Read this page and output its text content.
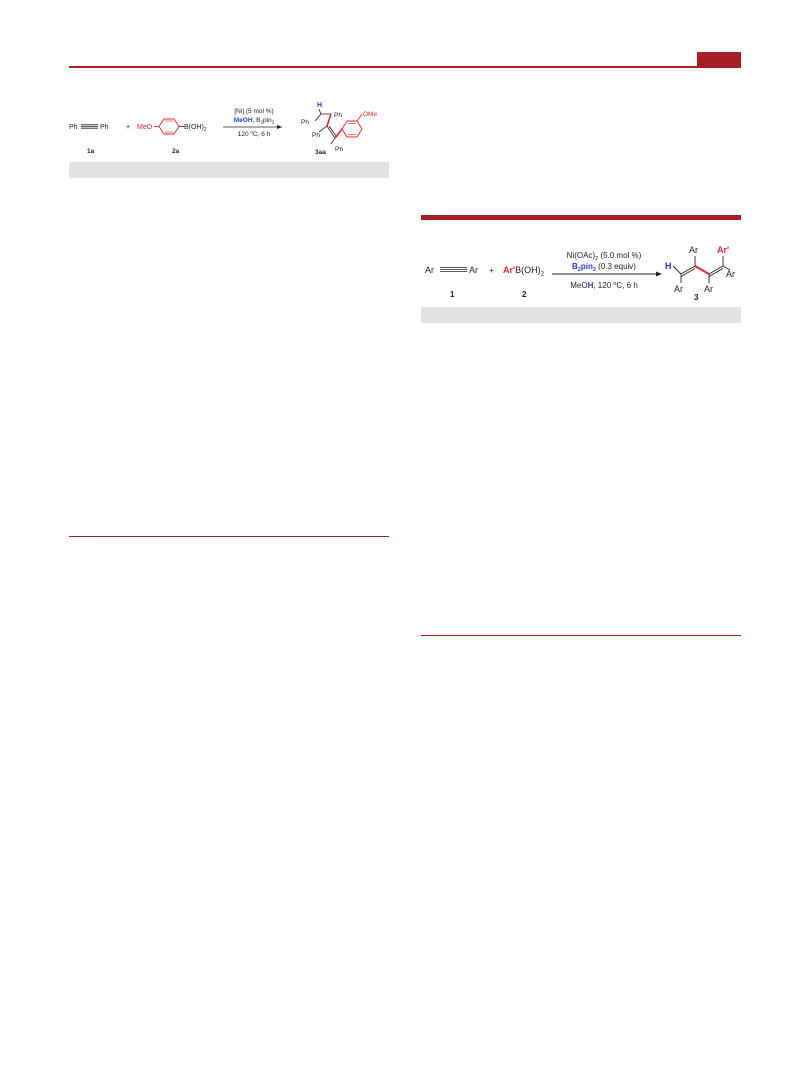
Ph	Ph + MeO	$B(OH)_2$
[Ni] (5 mol %)
MeOH, $B_2pin_2$
120 $^o$C, 6 h
H
Ph
Ph
Ph
Ph
OMe
1a	2a	3aa
Ar	$Ar + Ar'B(OH)_2$
$Ni(OAc)_2$ (5.0 mol %)
$B_2pin_2$ (0.3 equiv)
MeOH, 120 $^o$C, 6 h
H
Ar
Ar
Ar
Ar'
Ar
1	2	3
